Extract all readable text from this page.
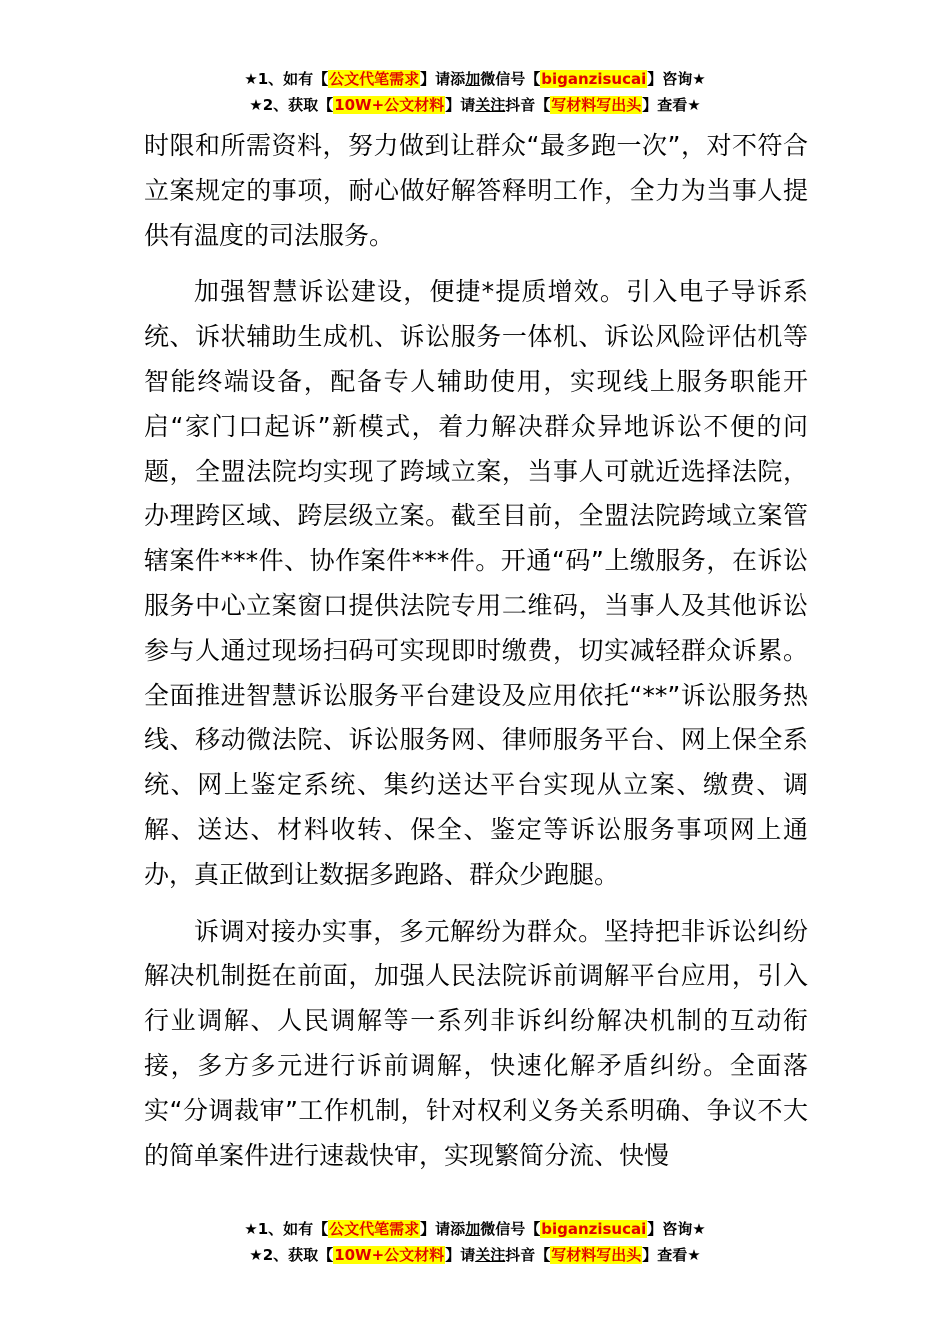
★1、如有【公文代笔需求】请添加微信号【biganzisucai】咨询★
★2、获取【10W+公文材料】请关注抖音【写材料写出头】查看★

时限和所需资料，努力做到让群众“最多跑一次”，对不符合立案规定的事项，耐心做好解答释明工作，全力为当事人提供有温度的司法服务。

加强智慧诉讼建设，便捷*提质增效。引入电子导诉系统、诉状辅助生成机、诉讼服务一体机、诉讼风险评估机等智能终端设备，配备专人辅助使用，实现线上服务职能开启“家门口起诉”新模式，着力解决群众异地诉讼不便的问题，全盟法院均实现了跨域立案，当事人可就近选择法院，办理跨区域、跨层级立案。截至目前，全盟法院跨域立案管辖案件***件、协作案件***件。开通“码”上缴服务，在诉讼服务中心立案窗口提供法院专用二维码，当事人及其他诉讼参与人通过现场扫码可实现即时缴费，切实减轻群众诉累。全面推进智慧诉讼服务平台建设及应用依托“**”诉讼服务热线、移动微法院、诉讼服务网、律师服务平台、网上保全系统、网上鉴定系统、集约送达平台实现从立案、缴费、调解、送达、材料收转、保全、鉴定等诉讼服务事项网上通办，真正做到让数据多跑路、群众少跑腿。

诉调对接办实事，多元解纷为群众。坚持把非诉讼纠纷解决机制挺在前面，加强人民法院诉前调解平台应用，引入行业调解、人民调解等一系列非诉纠纷解决机制的互动衔接，多方多元进行诉前调解，快速化解矛盾纠纷。全面落实“分调裁审”工作机制，针对权利义务关系明确、争议不大的简单案件进行速裁快审，实现繁简分流、快慢

★1、如有【公文代笔需求】请添加微信号【biganzisucai】咨询★
★2、获取【10W+公文材料】请关注抖音【写材料写出头】查看★
